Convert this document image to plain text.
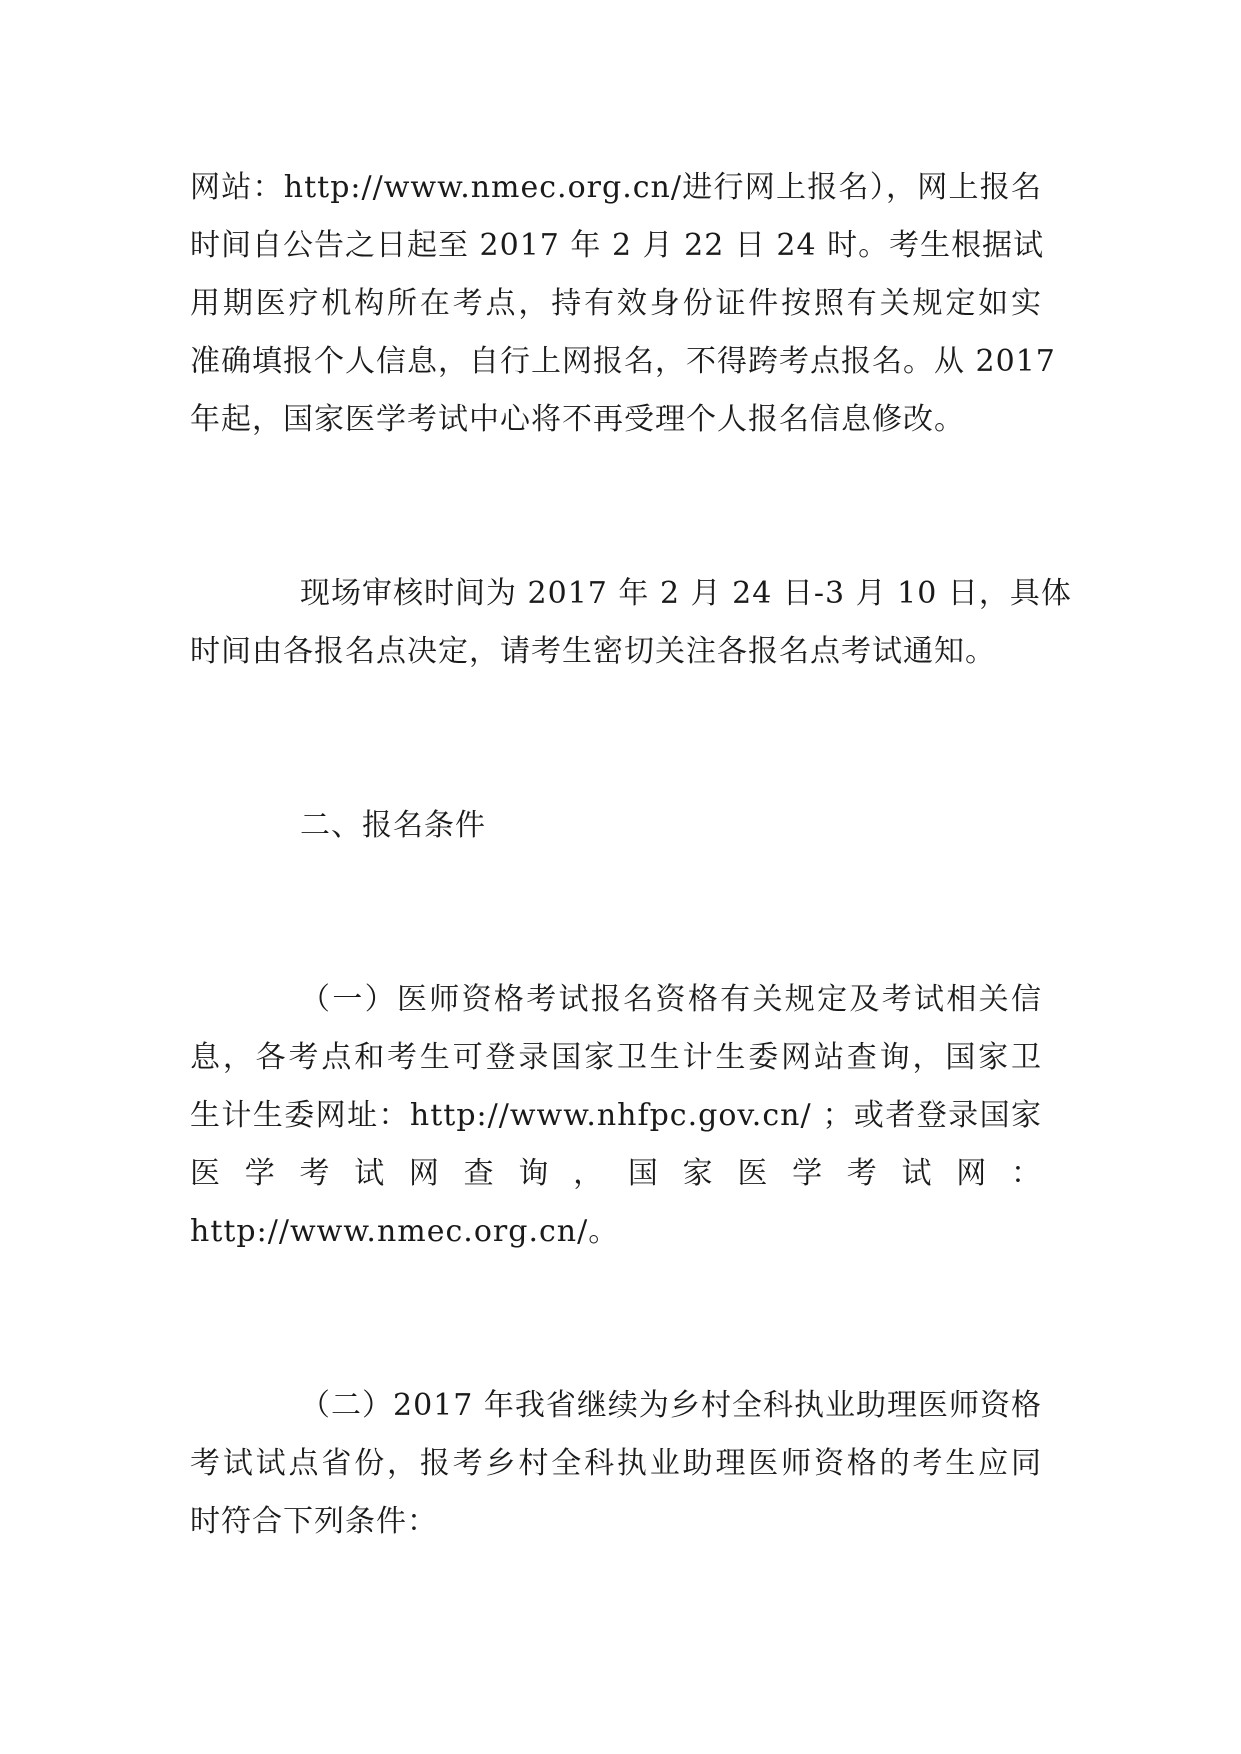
网站：http://www.nmec.org.cn/进行网上报名），网上报名
时间自公告之日起至 2017 年 2 月 22 日 24 时。考生根据试
用期医疗机构所在考点，持有效身份证件按照有关规定如实
准确填报个人信息，自行上网报名，不得跨考点报名。从 2017
年起，国家医学考试中心将不再受理个人报名信息修改。
现场审核时间为 2017 年 2 月 24 日-3 月 10 日，具体
时间由各报名点决定，请考生密切关注各报名点考试通知。
二、报名条件
（一）医师资格考试报名资格有关规定及考试相关信
息，各考点和考生可登录国家卫生计生委网站查询，国家卫
生计生委网址：http://www.nhfpc.gov.cn/ ；或者登录国家
医 学 考 试 网 查 询 ， 国 家 医 学 考 试 网 ：
http://www.nmec.org.cn/。
（二）2017 年我省继续为乡村全科执业助理医师资格
考试试点省份，报考乡村全科执业助理医师资格的考生应同
时符合下列条件：
